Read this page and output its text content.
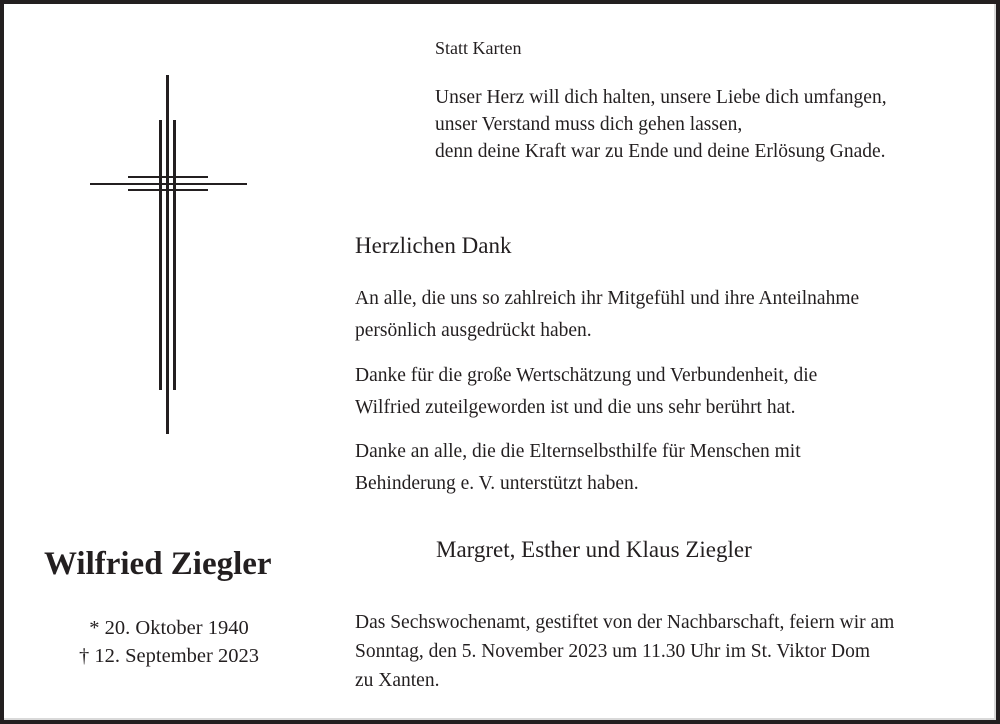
Wilfried Ziegler
* 20. Oktober 1940
† 12. September 2023
Statt Karten
Unser Herz will dich halten, unsere Liebe dich umfangen,
unser Verstand muss dich gehen lassen,
denn deine Kraft war zu Ende und deine Erlösung Gnade.
Herzlichen Dank
An alle, die uns so zahlreich ihr Mitgefühl und ihre Anteilnahme
persönlich ausgedrückt haben.
Danke für die große Wertschätzung und Verbundenheit, die
Wilfried zuteilgeworden ist und die uns sehr berührt hat.
Danke an alle, die die Elternselbsthilfe für Menschen mit
Behinderung e. V. unterstützt haben.
Margret, Esther und Klaus Ziegler
Das Sechswochenamt, gestiftet von der Nachbarschaft, feiern wir am
Sonntag, den 5. November 2023 um 11.30 Uhr im St. Viktor Dom
zu Xanten.
